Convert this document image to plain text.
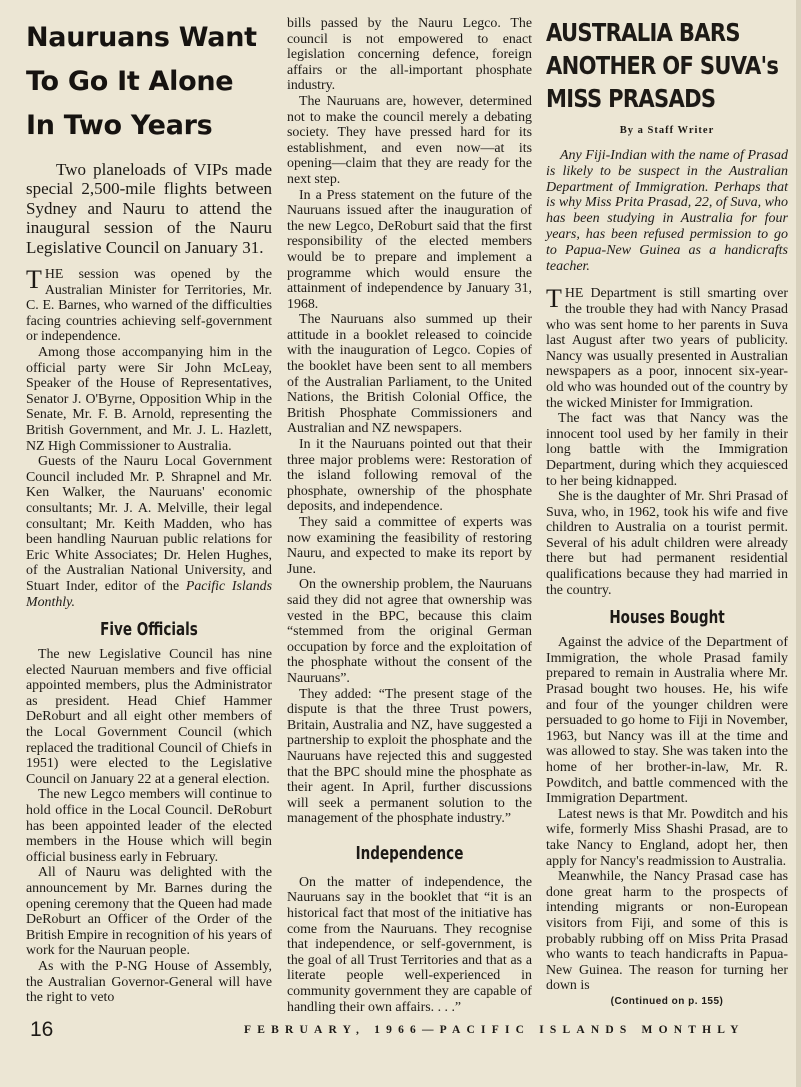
Nauruans Want
To Go It Alone
In Two Years
Two planeloads of VIPs made special 2,500-mile flights between Sydney and Nauru to attend the inaugural session of the Nauru Legislative Council on January 31.

THE session was opened by the Australian Minister for Territories, Mr. C. E. Barnes, who warned of the difficulties facing countries achieving self-government or independence.

Among those accompanying him in the official party were Sir John McLeay, Speaker of the House of Representatives, Senator J. O'Byrne, Opposition Whip in the Senate, Mr. F. B. Arnold, representing the British Government, and Mr. J. L. Hazlett, NZ High Commissioner to Australia.

Guests of the Nauru Local Government Council included Mr. P. Shrapnel and Mr. Ken Walker, the Nauruans' economic consultants; Mr. J. A. Melville, their legal consultant; Mr. Keith Madden, who has been handling Nauruan public relations for Eric White Associates; Dr. Helen Hughes, of the Australian National University, and Stuart Inder, editor of the Pacific Islands Monthly.

Five Officials

The new Legislative Council has nine elected Nauruan members and five official appointed members, plus the Administrator as president. Head Chief Hammer DeRoburt and all eight other members of the Local Government Council (which replaced the traditional Council of Chiefs in 1951) were elected to the Legislative Council on January 22 at a general election.

The new Legco members will continue to hold office in the Local Council. DeRoburt has been appointed leader of the elected members in the House which will begin official business early in February.

All of Nauru was delighted with the announcement by Mr. Barnes during the opening ceremony that the Queen had made DeRoburt an Officer of the Order of the British Empire in recognition of his years of work for the Nauruan people.

As with the P-NG House of Assembly, the Australian Governor-General will have the right to veto

bills passed by the Nauru Legco. The council is not empowered to enact legislation concerning defence, foreign affairs or the all-important phosphate industry.

The Nauruans are, however, determined not to make the council merely a debating society. They have pressed hard for its establishment, and even now—at its opening—claim that they are ready for the next step.

In a Press statement on the future of the Nauruans issued after the inauguration of the new Legco, DeRoburt said that the first responsibility of the elected members would be to prepare and implement a programme which would ensure the attainment of independence by January 31, 1968.

The Nauruans also summed up their attitude in a booklet released to coincide with the inauguration of Legco. Copies of the booklet have been sent to all members of the Australian Parliament, to the United Nations, the British Colonial Office, the British Phosphate Commissioners and Australian and NZ newspapers.

In it the Nauruans pointed out that their three major problems were: Restoration of the island following removal of the phosphate, ownership of the phosphate deposits, and independence.

They said a committee of experts was now examining the feasibility of restoring Nauru, and expected to make its report by June.

On the ownership problem, the Nauruans said they did not agree that ownership was vested in the BPC, because this claim “stemmed from the original German occupation by force and the exploitation of the phosphate without the consent of the Nauruans”.

They added: “The present stage of the dispute is that the three Trust powers, Britain, Australia and NZ, have suggested a partnership to exploit the phosphate and the Nauruans have rejected this and suggested that the BPC should mine the phosphate as their agent. In April, further discussions will seek a permanent solution to the management of the phosphate industry.”

Independence

On the matter of independence, the Nauruans say in the booklet that “it is an historical fact that most of the initiative has come from the Nauruans. They recognise that independence, or self-government, is the goal of all Trust Territories and that as a literate people well-experienced in community government they are capable of handling their own affairs. . . .”

AUSTRALIA BARS
ANOTHER OF SUVA's
MISS PRASADS
By a Staff Writer
Any Fiji-Indian with the name of Prasad is likely to be suspect in the Australian Department of Immigration. Perhaps that is why Miss Prita Prasad, 22, of Suva, who has been studying in Australia for four years, has been refused permission to go to Papua-New Guinea as a handicrafts teacher.

THE Department is still smarting over the trouble they had with Nancy Prasad who was sent home to her parents in Suva last August after two years of publicity. Nancy was usually presented in Australian newspapers as a poor, innocent six-year-old who was hounded out of the country by the wicked Minister for Immigration.

The fact was that Nancy was the innocent tool used by her family in their long battle with the Immigration Department, during which they acquiesced to her being kidnapped.

She is the daughter of Mr. Shri Prasad of Suva, who, in 1962, took his wife and five children to Australia on a tourist permit. Several of his adult children were already there but had permanent residential qualifications because they had married in the country.

Houses Bought

Against the advice of the Department of Immigration, the whole Prasad family prepared to remain in Australia where Mr. Prasad bought two houses. He, his wife and four of the younger children were persuaded to go home to Fiji in November, 1963, but Nancy was ill at the time and was allowed to stay. She was taken into the home of her brother-in-law, Mr. R. Powditch, and battle commenced with the Immigration Department.

Latest news is that Mr. Powditch and his wife, formerly Miss Shashi Prasad, are to take Nancy to England, adopt her, then apply for Nancy's readmission to Australia.

Meanwhile, the Nancy Prasad case has done great harm to the prospects of intending migrants or non-European visitors from Fiji, and some of this is probably rubbing off on Miss Prita Prasad who wants to teach handicrafts in Papua-New Guinea. The reason for turning her down is

(Continued on p. 155)
16	FEBRUARY, 1966—PACIFIC ISLANDS MONTHLY
